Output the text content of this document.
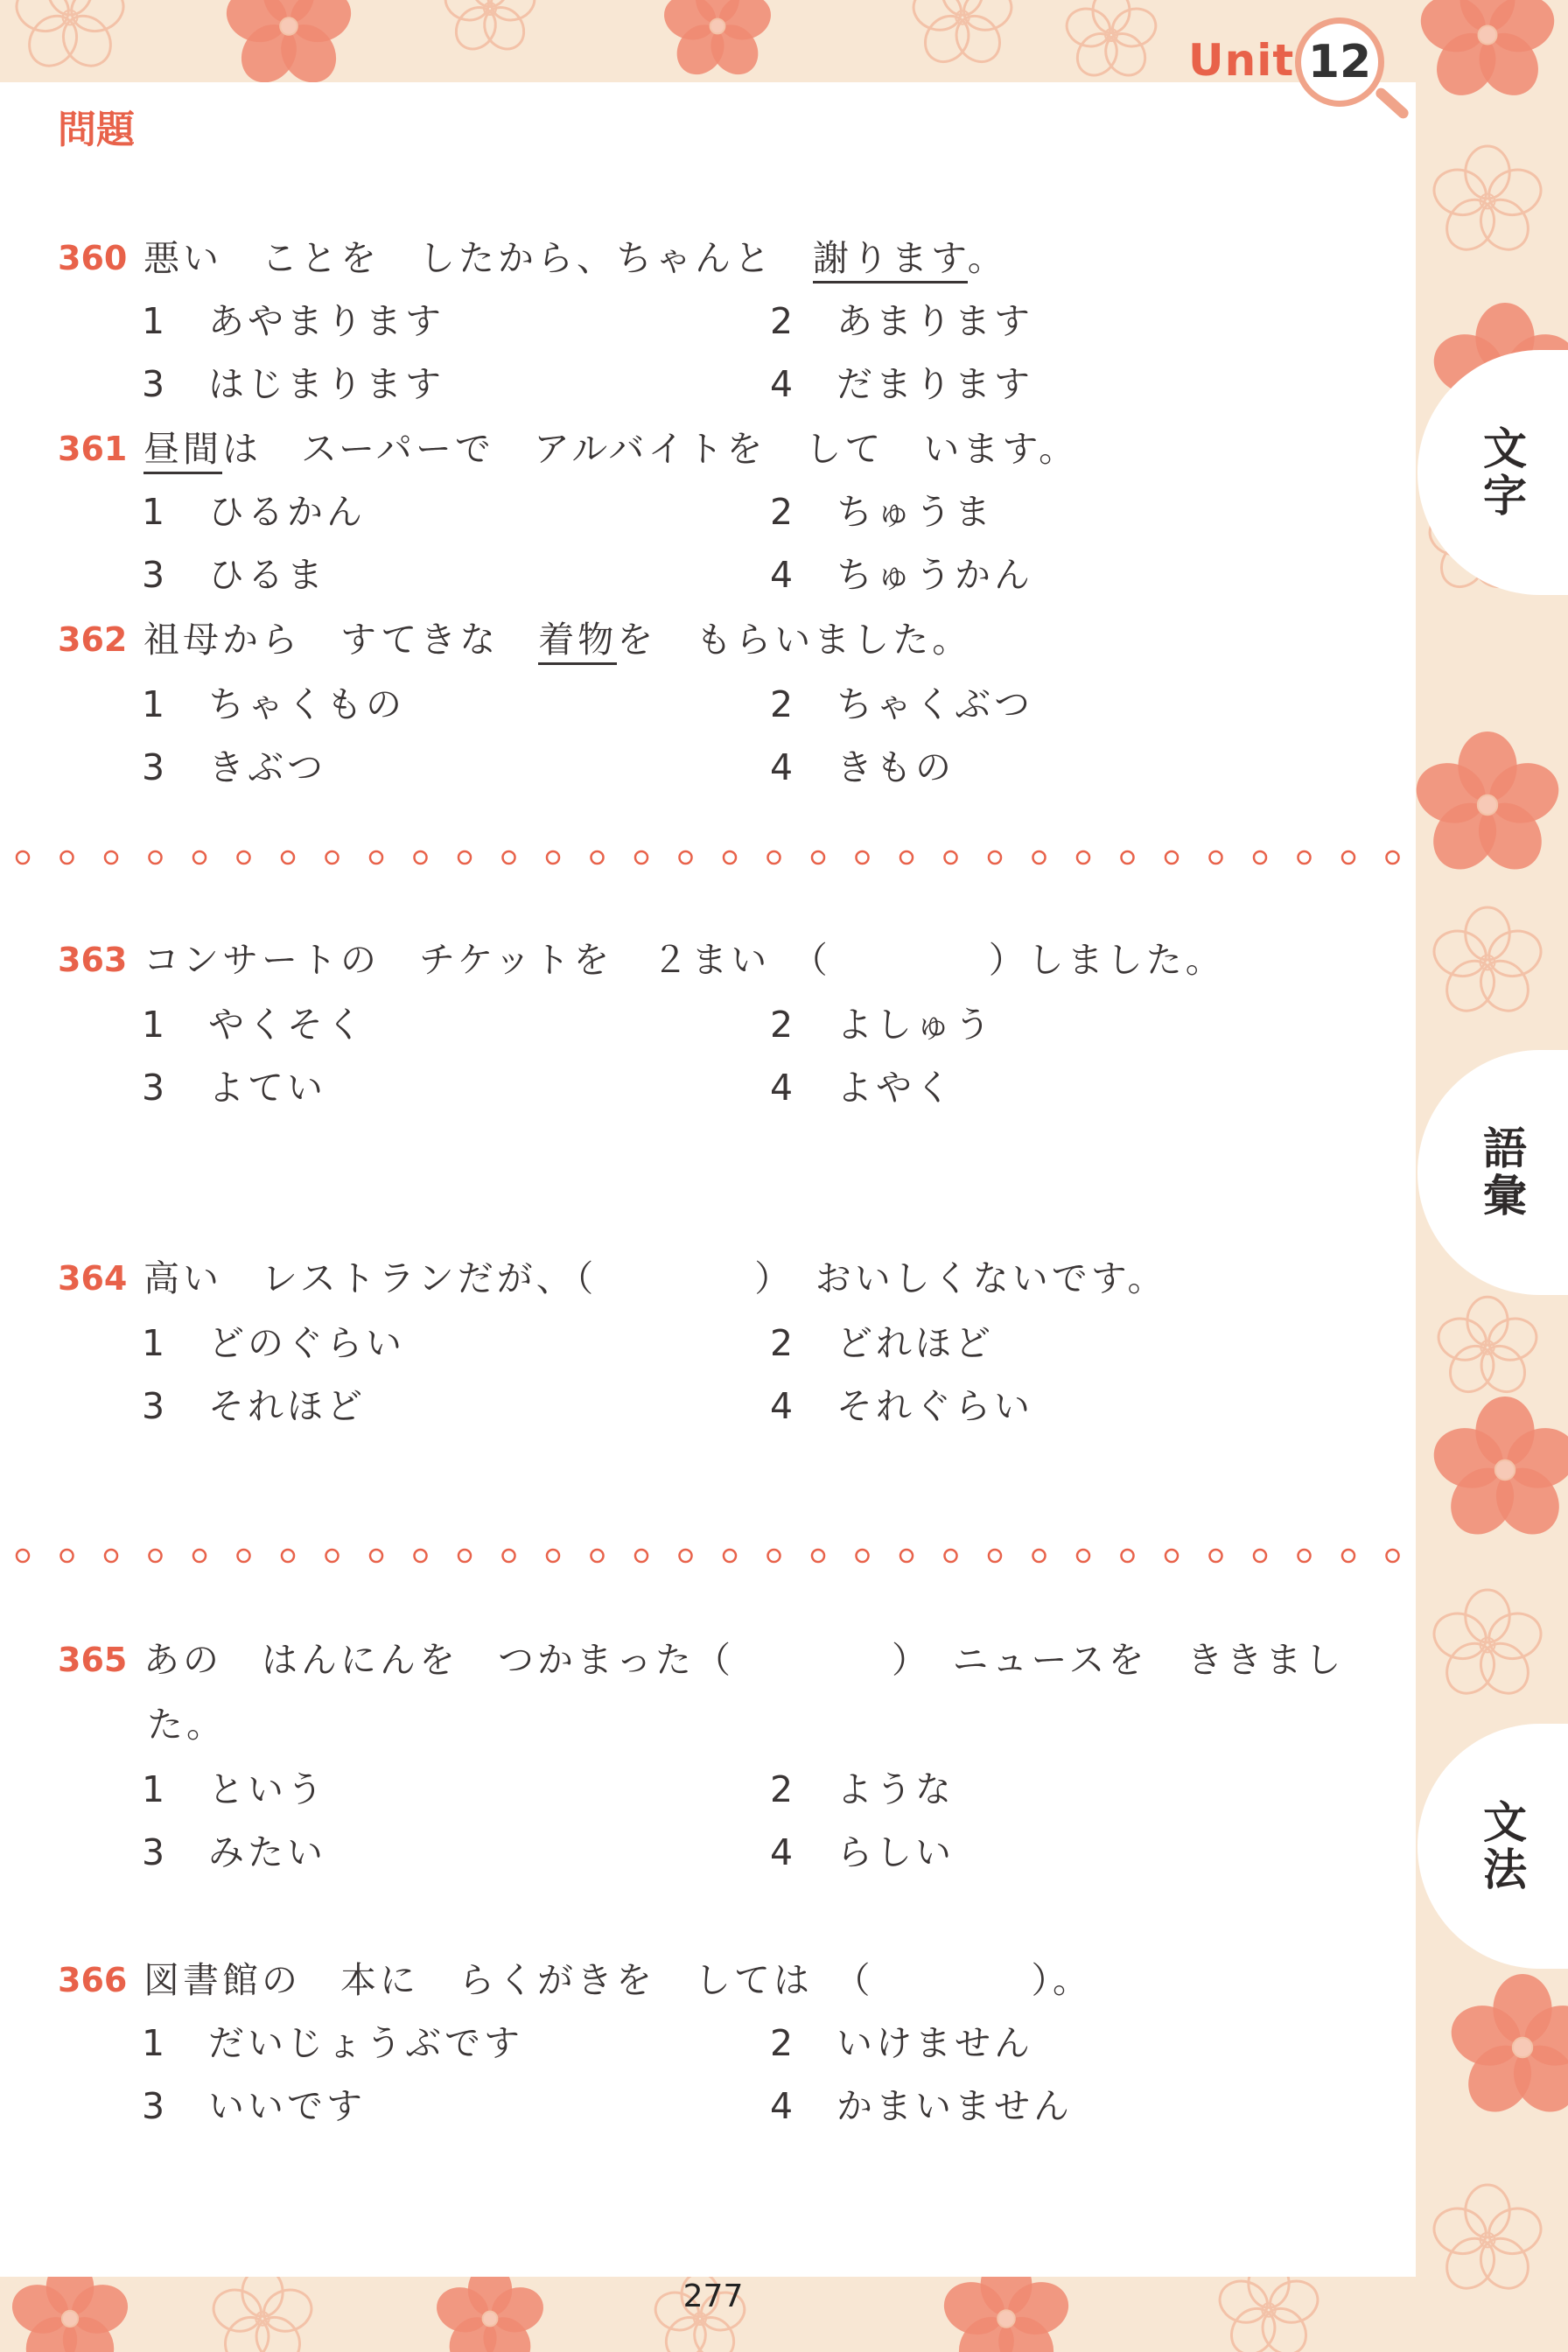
Unit 12
問題
文字
語彙
文法
360 悪い　ことを　したから、ちゃんと　謝ります。
1 あやまります	2 あまります
3 はじまります	4 だまります
361 昼間は　スーパーで　アルバイトを　して　います。
1 ひるかん	2 ちゅうま
3 ひるま	4 ちゅうかん
362 祖母から　すてきな　着物を　もらいました。
1 ちゃくもの	2 ちゃくぶつ
3 きぶつ	4 きもの
363 コンサートの　チケットを　２まい　（　　　　）しました。
1 やくそく	2 よしゅう
3 よてい	4 よやく
364 高い　レストランだが、（　　　　）　おいしくないです。
1 どのぐらい	2 どれほど
3 それほど	4 それぐらい
365 あの　はんにんを　つかまった（　　　　）　ニュースを　ききまし
た。
1 という	2 ような
3 みたい	4 らしい
366 図書館の　本に　らくがきを　しては　（　　　　）。
1 だいじょうぶです	2 いけません
3 いいです	4 かまいません
277
